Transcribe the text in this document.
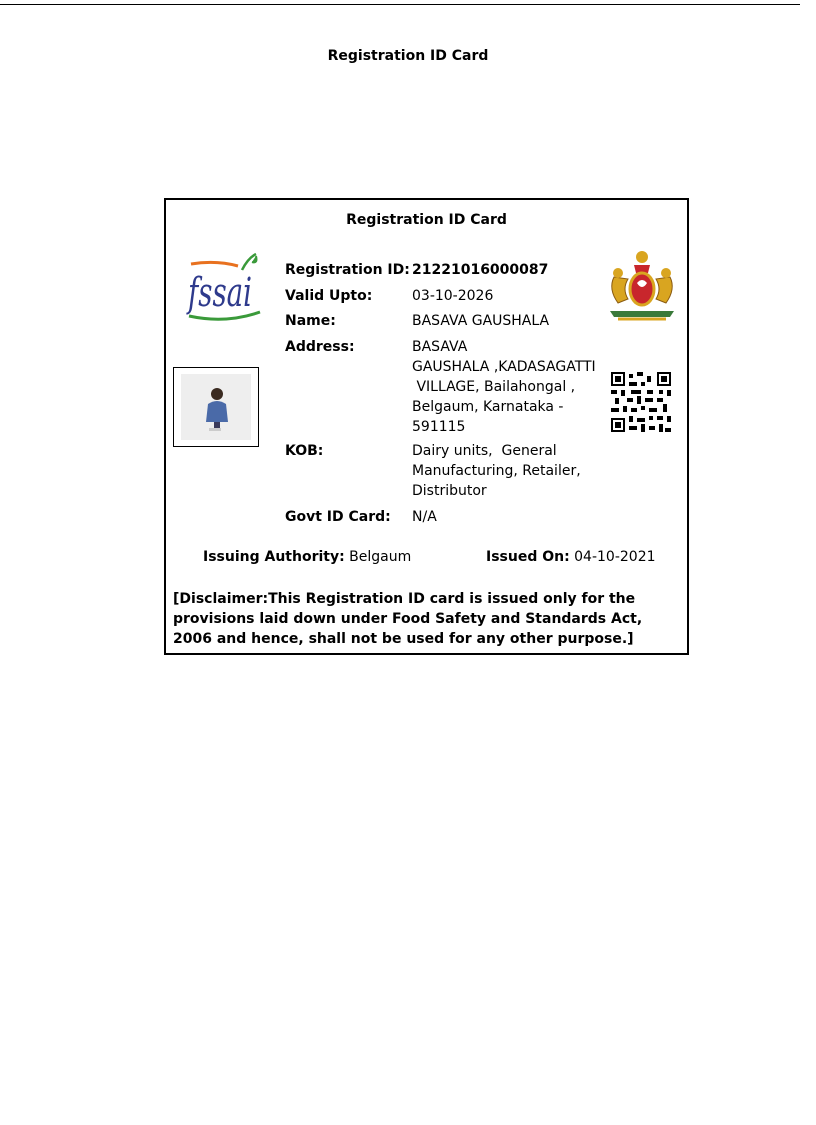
Registration ID Card
Registration ID Card
fssai Registration ID: 21221016000087
Valid Upto:	03-10-2026
Name:	BASAVA GAUSHALA
Address:	BASAVA
GAUSHALA ,KADASAGATTI
VILLAGE, Bailahongal ,
Belgaum, Karnataka -
591115
KOB:	Dairy units,  General
Manufacturing, Retailer,
Distributor
Govt ID Card:	N/A
Issuing Authority: Belgaum	Issued On: 04-10-2021
[Disclaimer:This Registration ID card is issued only for the provisions laid down under Food Safety and Standards Act, 2006 and hence, shall not be used for any other purpose.]
